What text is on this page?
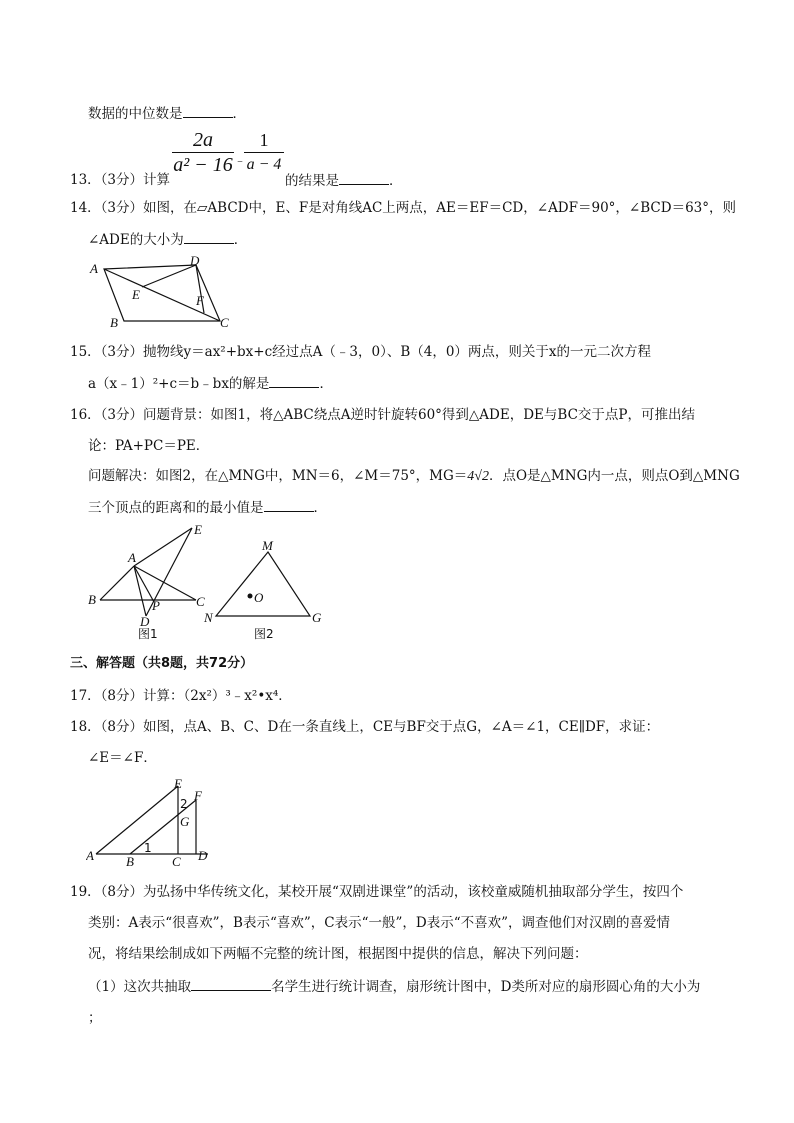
数据的中位数是	．
$\frac{2a}{\text{a² − 16}}$ ﹣
$\frac{1}{a - 4}$
13．（3分）计算	的结果是	．
14．（3分）如图，在▱ABCD中，E、F是对角线AC上两点，AE＝EF＝CD，∠ADF＝90°，∠BCD＝63°，则
∠ADE的大小为	．
A
D
E	F
B	C
15．（3分）抛物线y＝ax²+bx+c经过点A（﹣3，0）、B（4，0）两点，则关于x的一元二次方程
a（x﹣1）²+c＝b﹣bx的解是	．
16．（3分）问题背景：如图1，将△ABC绕点A逆时针旋转60°得到△ADE，DE与BC交于点P，可推出结
论：PA+PC＝PE．
问题解决：如图2，在△MNG中，MN＝6，∠M＝75°，MG＝4√2．点O是△MNG内一点，则点O到△MNG
三个顶点的距离和的最小值是	．
A
E
B	P	C
D
M
O
N	G
图1	图2
三、解答题（共8题，共72分）
17．（8分）计算：（2x²）³﹣x²•x⁴．
18．（8分）如图，点A、B、C、D在一条直线上，CE与BF交于点G，∠A＝∠1，CE∥DF，求证：
∠E＝∠F．
E
F
2
G
A B
1
C D
19．（8分）为弘扬中华传统文化，某校开展“双剧进课堂”的活动，该校童威随机抽取部分学生，按四个
类别：A表示“很喜欢”，B表示“喜欢”，C表示“一般”，D表示“不喜欢”，调查他们对汉剧的喜爱情
况，将结果绘制成如下两幅不完整的统计图，根据图中提供的信息，解决下列问题：
（1）这次共抽取	名学生进行统计调查，扇形统计图中，D类所对应的扇形圆心角的大小为
；
